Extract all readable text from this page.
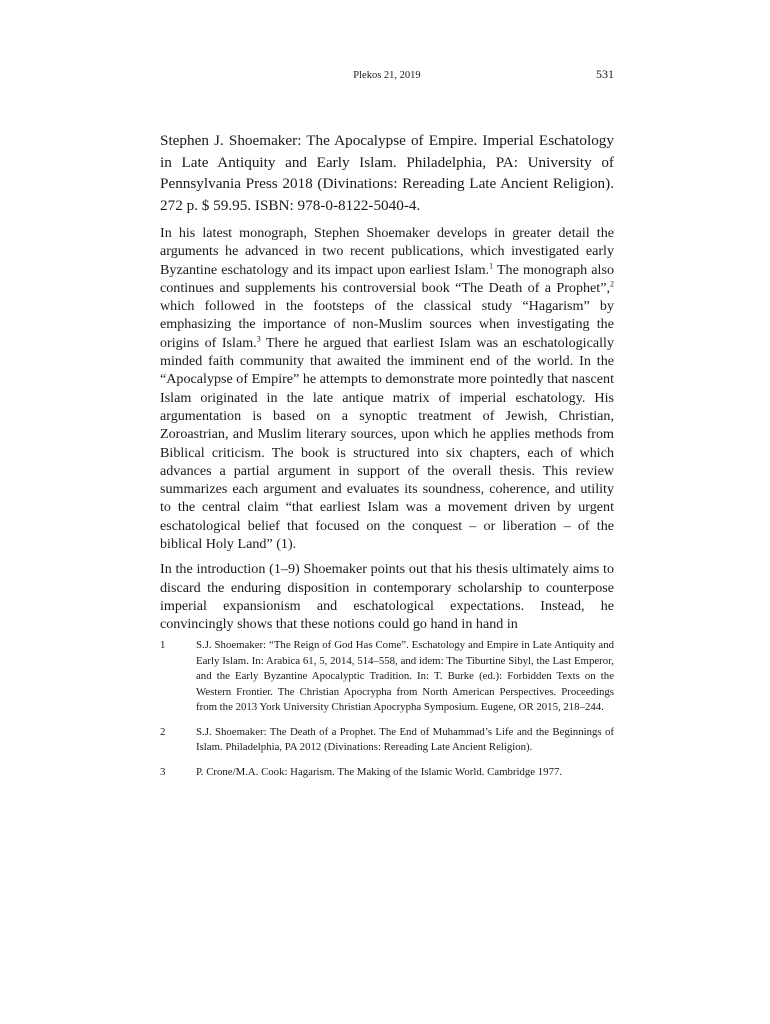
Plekos 21, 2019	531

Stephen J. Shoemaker: The Apocalypse of Empire. Imperial Eschatology in Late Antiquity and Early Islam. Philadelphia, PA: University of Pennsylvania Press 2018 (Divinations: Rereading Late Ancient Religion). 272 p. $ 59.95. ISBN: 978-0-8122-5040-4.

In his latest monograph, Stephen Shoemaker develops in greater detail the arguments he advanced in two recent publications, which investigated early Byzantine eschatology and its impact upon earliest Islam.$^1$ The monograph also continues and supplements his controversial book “The Death of a Prophet”,$^2$ which followed in the footsteps of the classical study “Hagarism” by emphasizing the importance of non-Muslim sources when investigating the origins of Islam.$^3$ There he argued that earliest Islam was an eschatologically minded faith community that awaited the imminent end of the world. In the “Apocalypse of Empire” he attempts to demonstrate more pointedly that nascent Islam originated in the late antique matrix of imperial eschatology. His argumentation is based on a synoptic treatment of Jewish, Christian, Zoroastrian, and Muslim literary sources, upon which he applies methods from Biblical criticism. The book is structured into six chapters, each of which advances a partial argument in support of the overall thesis. This review summarizes each argument and evaluates its soundness, coherence, and utility to the central claim “that earliest Islam was a movement driven by urgent eschatological belief that focused on the conquest – or liberation – of the biblical Holy Land” (1).

In the introduction (1–9) Shoemaker points out that his thesis ultimately aims to discard the enduring disposition in contemporary scholarship to counterpose imperial expansionism and eschatological expectations. Instead, he convincingly shows that these notions could go hand in hand in

1	S.J. Shoemaker: “The Reign of God Has Come”. Eschatology and Empire in Late Antiquity and Early Islam. In: Arabica 61, 5, 2014, 514–558, and idem: The Tiburtine Sibyl, the Last Emperor, and the Early Byzantine Apocalyptic Tradition. In: T. Burke (ed.): Forbidden Texts on the Western Frontier. The Christian Apocrypha from North American Perspectives. Proceedings from the 2013 York University Christian Apocrypha Symposium. Eugene, OR 2015, 218–244.
2	S.J. Shoemaker: The Death of a Prophet. The End of Muhammad’s Life and the Beginnings of Islam. Philadelphia, PA 2012 (Divinations: Rereading Late Ancient Religion).
3	P. Crone/M.A. Cook: Hagarism. The Making of the Islamic World. Cambridge 1977.
